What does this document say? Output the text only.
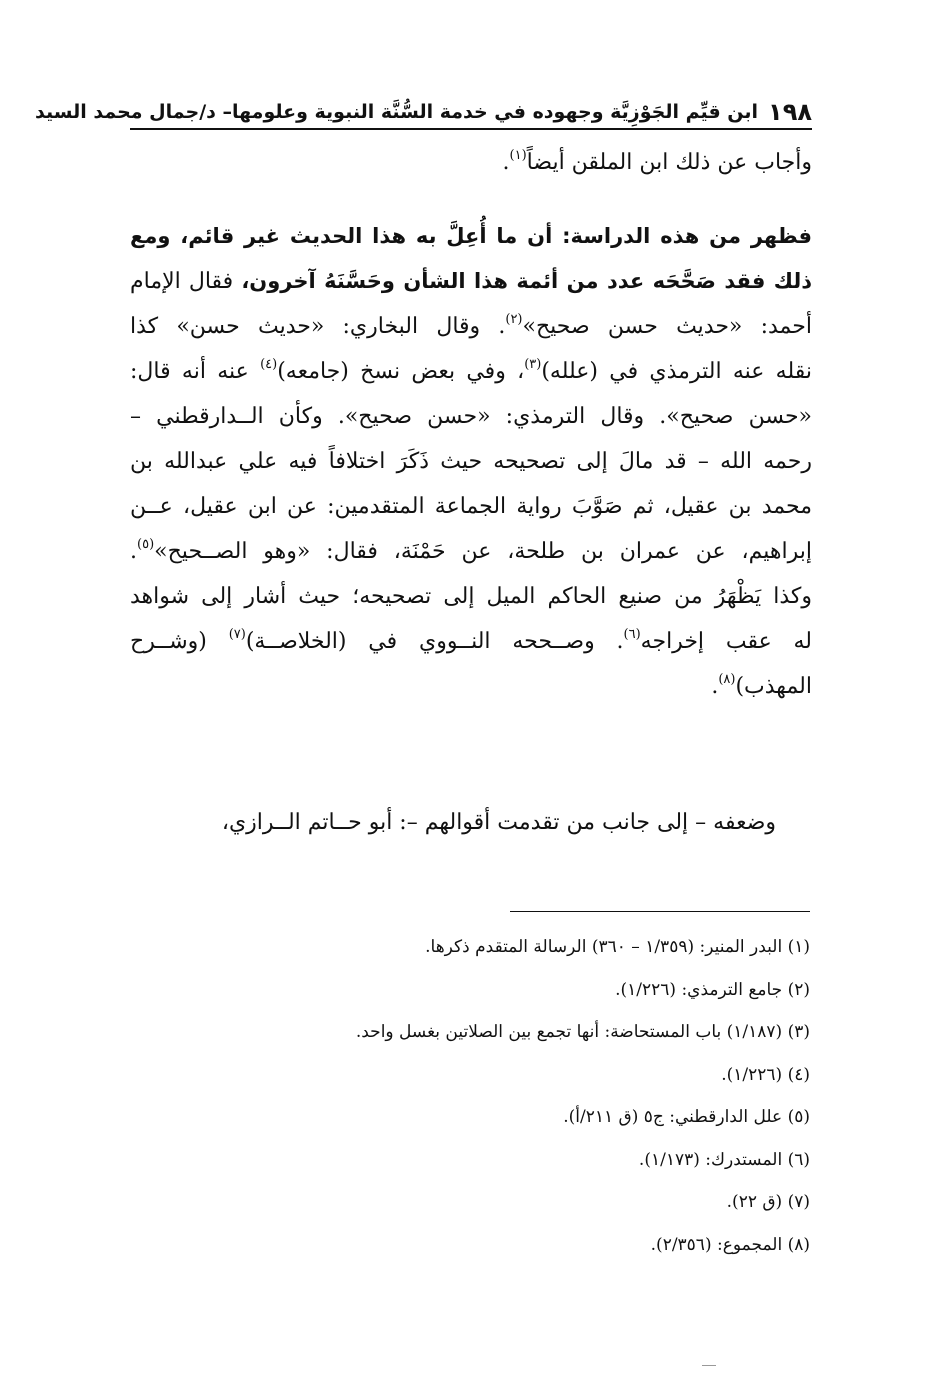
١٩٨
ابن قيِّم الجَوْزِيَّة وجهوده في خدمة السُّنَّة النبوية وعلومها– د/جمال محمد السيد
وأجاب عن ذلك ابن الملقن أيضاً$^{(١)}$.
فظهر من هذه الدراسة: أن ما أُعِلَّ به هذا الحديث غير قائم، ومع
ذلك فقد صَحَّحَه عدد من أئمة هذا الشأن وحَسَّنَهُ آخرون، فقال الإمام
أحمد: «حديث حسن صحيح»$^{(٢)}$. وقال البخاري: «حديث حسن» كذا
نقله عنه الترمذي في (علله)$^{(٣)}$، وفي بعض نسخ (جامعه)$^{(٤)}$ عنه أنه قال:
«حسن صحيح». وقال الترمذي: «حسن صحيح». وكأن الــدارقطني –
رحمه الله – قد مالَ إلى تصحيحه حيث ذَكَرَ اختلافاً فيه علي عبدالله بن
محمد بن عقيل، ثم صَوَّبَ رواية الجماعة المتقدمين: عن ابن عقيل، عــن
إبراهيم، عن عمران بن طلحة، عن حَمْنَة، فقال: «وهو الصــحيح»$^{(٥)}$.
وكذا يَظْهَرُ من صنيع الحاكم الميل إلى تصحيحه؛ حيث أشار إلى شواهد
له عقب إخراجه$^{(٦)}$. وصــححه النــووي في (الخلاصــة)$^{(٧)}$ (وشــرح
المهذب)$^{(٨)}$.
وضعفه – إلى جانب من تقدمت أقوالهم –: أبو حــاتم الــرازي،
(١) البدر المنير: (١/٣٥٩ – ٣٦٠) الرسالة المتقدم ذكرها.
(٢) جامع الترمذي: (١/٢٢٦).
(٣) (١/١٨٧) باب المستحاضة: أنها تجمع بين الصلاتين بغسل واحد.
(٤) (١/٢٢٦).
(٥) علل الدارقطني: ج٥ (ق ٢١١/أ).
(٦) المستدرك: (١/١٧٣).
(٧) (ق ٢٢).
(٨) المجموع: (٢/٣٥٦).
